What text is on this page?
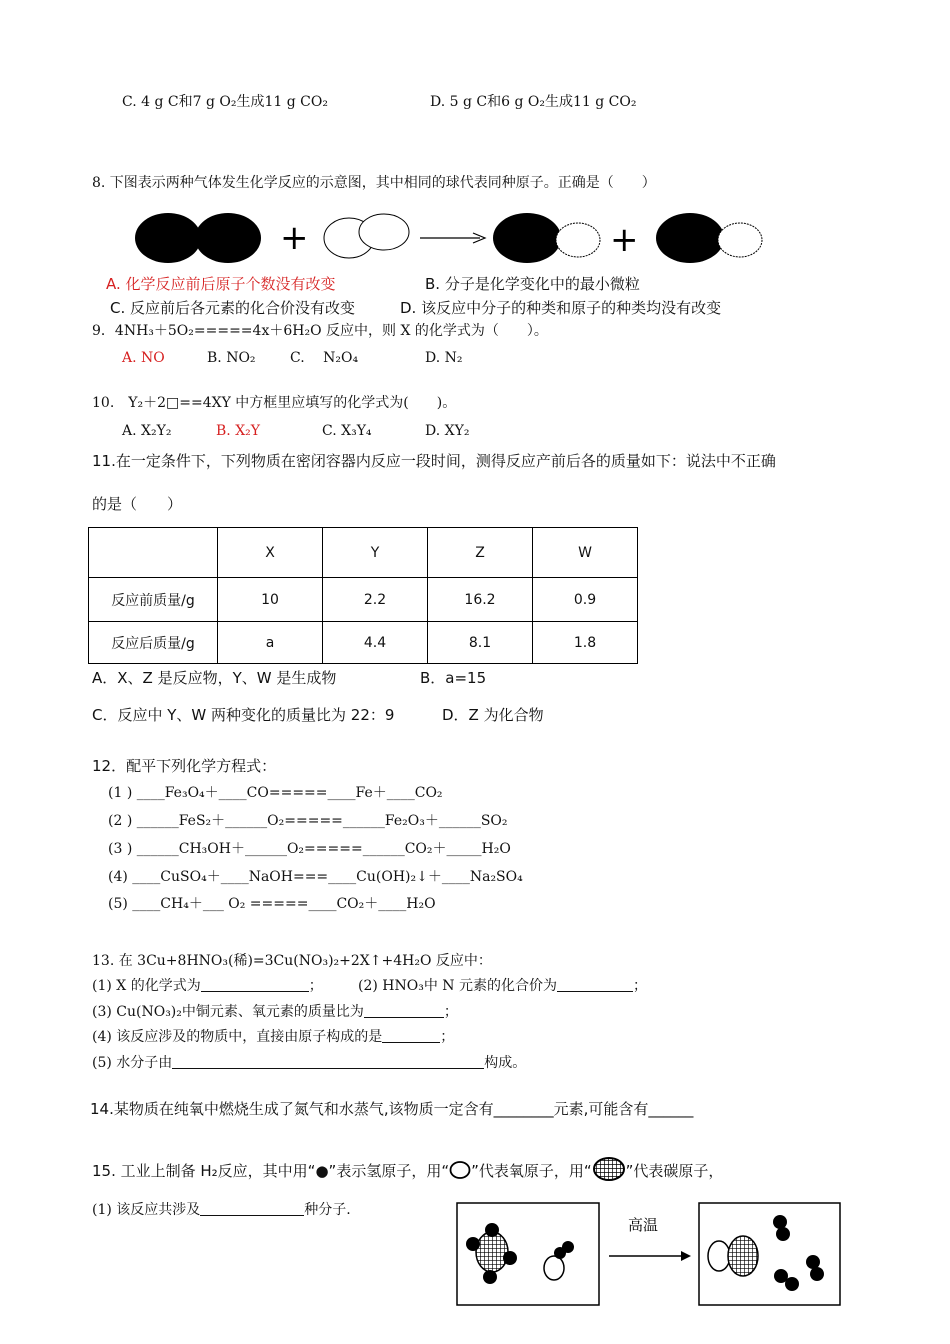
C. 4 g C和7 g O₂生成11 g CO₂	D. 5 g C和6 g O₂生成11 g CO₂
8. 下图表示两种气体发生化学反应的示意图，其中相同的球代表同种原子。正确是（　　）
+	+
A. 化学反应前后原子个数没有改变	B. 分子是化学变化中的最小微粒
C. 反应前后各元素的化合价没有改变	D. 该反应中分子的种类和原子的种类均没有改变
9．4NH₃＋5O₂=====4x＋6H₂O 反应中，则 X 的化学式为（　　）。
A. NO	B. NO₂ C.　 N₂O₄	D. N₂
10.　Y₂＋2□==4XY 中方框里应填写的化学式为(　　)。
A. X₂Y₂	B. X₂Y	C. X₃Y₄	D. XY₂
11.在一定条件下，下列物质在密闭容器内反应一段时间，测得反应产前后各的质量如下：说法中不正确
的是（　　）
	X	Y	Z	W
反应前质量/g	10	2.2	16.2	0.9
反应后质量/g	a	4.4	8.1	1.8
A．X、Z 是反应物，Y、W 是生成物	B．a=15
C．反应中 Y、W 两种变化的质量比为 22：9	D．Z 为化合物
12．配平下列化学方程式：
(1 ) ____Fe₃O₄＋____CO=====____Fe＋____CO₂
(2 ) ______FeS₂＋______O₂=====______Fe₂O₃＋______SO₂
(3 ) ______CH₃OH＋______O₂=====______CO₂＋_____H₂O
(4) ____CuSO₄＋____NaOH===____Cu(OH)₂↓＋____Na₂SO₄
(5) ____CH₄＋___ O₂ =====____CO₂＋____H₂O
13. 在 3Cu+8HNO₃(稀)=3Cu(NO₃)₂+2X↑+4H₂O 反应中：
(1) X 的化学式为	；	(2) HNO₃中 N 元素的化合价为	；
(3) Cu(NO₃)₂中铜元素、氧元素的质量比为	；
(4) 该反应涉及的物质中，直接由原子构成的是	；
(5) 水分子由	构成。
14.某物质在纯氧中燃烧生成了氮气和水蒸气,该物质一定含有________元素,可能含有______
15. 工业上制备 H₂反应，其中用“●”表示氢原子，用“ ”代表氧原子，用“ ”代表碳原子，
(1) 该反应共涉及	种分子.
高温
